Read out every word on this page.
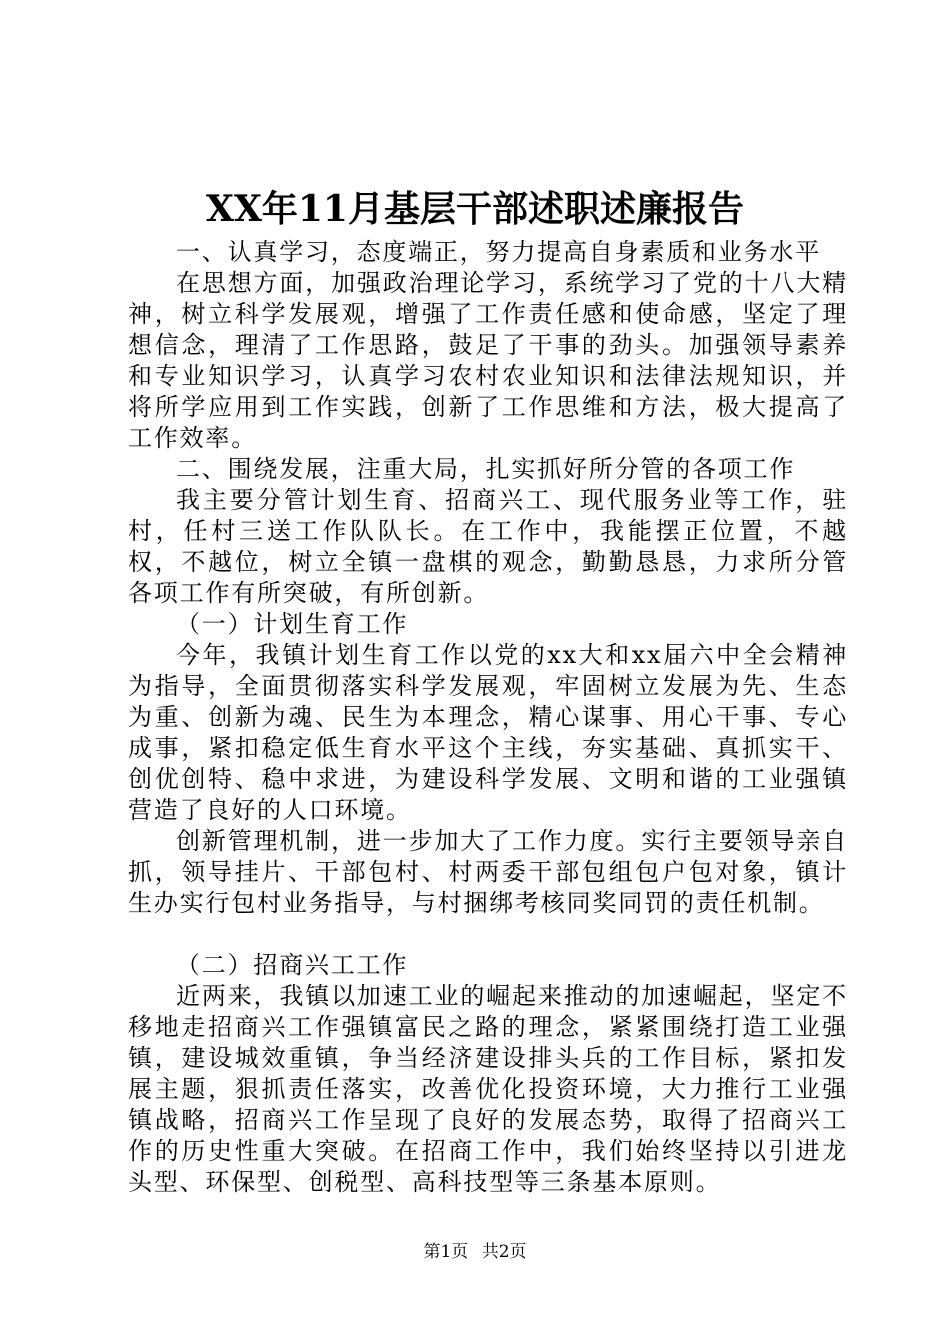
XX年11月基层干部述职述廉报告

一、认真学习，态度端正，努力提高自身素质和业务水平

在思想方面，加强政治理论学习，系统学习了党的十八大精神，树立科学发展观，增强了工作责任感和使命感，坚定了理想信念，理清了工作思路，鼓足了干事的劲头。加强领导素养和专业知识学习，认真学习农村农业知识和法律法规知识，并将所学应用到工作实践，创新了工作思维和方法，极大提高了工作效率。

二、围绕发展，注重大局，扎实抓好所分管的各项工作

我主要分管计划生育、招商兴工、现代服务业等工作，驻村，任村三送工作队队长。在工作中，我能摆正位置，不越权，不越位，树立全镇一盘棋的观念，勤勤恳恳，力求所分管各项工作有所突破，有所创新。

（一）计划生育工作

今年，我镇计划生育工作以党的xx大和xx届六中全会精神为指导，全面贯彻落实科学发展观，牢固树立发展为先、生态为重、创新为魂、民生为本理念，精心谋事、用心干事、专心成事，紧扣稳定低生育水平这个主线，夯实基础、真抓实干、创优创特、稳中求进，为建设科学发展、文明和谐的工业强镇营造了良好的人口环境。

创新管理机制，进一步加大了工作力度。实行主要领导亲自抓，领导挂片、干部包村、村两委干部包组包户包对象，镇计生办实行包村业务指导，与村捆绑考核同奖同罚的责任机制。

（二）招商兴工工作

近两来，我镇以加速工业的崛起来推动的加速崛起，坚定不移地走招商兴工作强镇富民之路的理念，紧紧围绕打造工业强镇，建设城效重镇，争当经济建设排头兵的工作目标，紧扣发展主题，狠抓责任落实，改善优化投资环境，大力推行工业强镇战略，招商兴工作呈现了良好的发展态势，取得了招商兴工作的历史性重大突破。在招商工作中，我们始终坚持以引进龙头型、环保型、创税型、高科技型等三条基本原则。

第1页 共2页
